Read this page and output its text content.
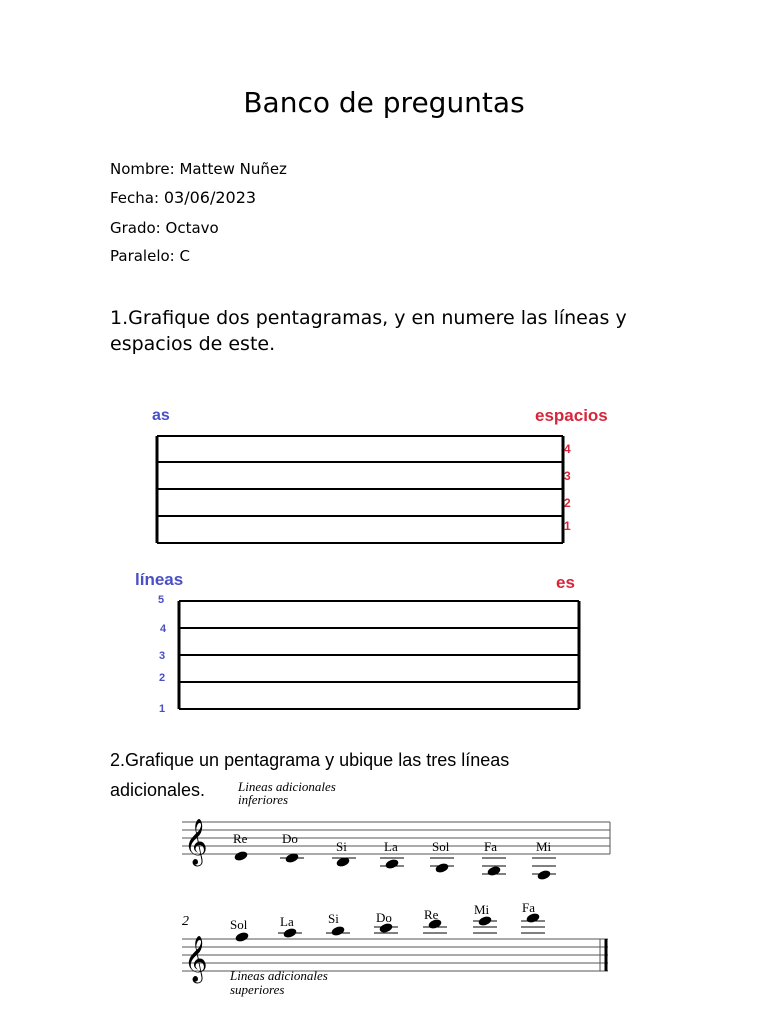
Banco de preguntas
Nombre: Mattew Nuñez
Fecha: 03/06/2023
Grado: Octavo
Paralelo: C
1.Grafique dos pentagramas, y en numere las líneas y espacios de este.
as	espacios
4
3
2
1
líneas	es
5
4
3
2
1
2.Grafique un pentagrama y ubique las tres líneas
adicionales.	Lineas adicionales
inferiores
𝄞 Re	Do
Si	La	Sol	Fa	Mi
2
𝄞
Sol	La	Si	Do Re	Mi	Fa
Lineas adicionales
superiores
